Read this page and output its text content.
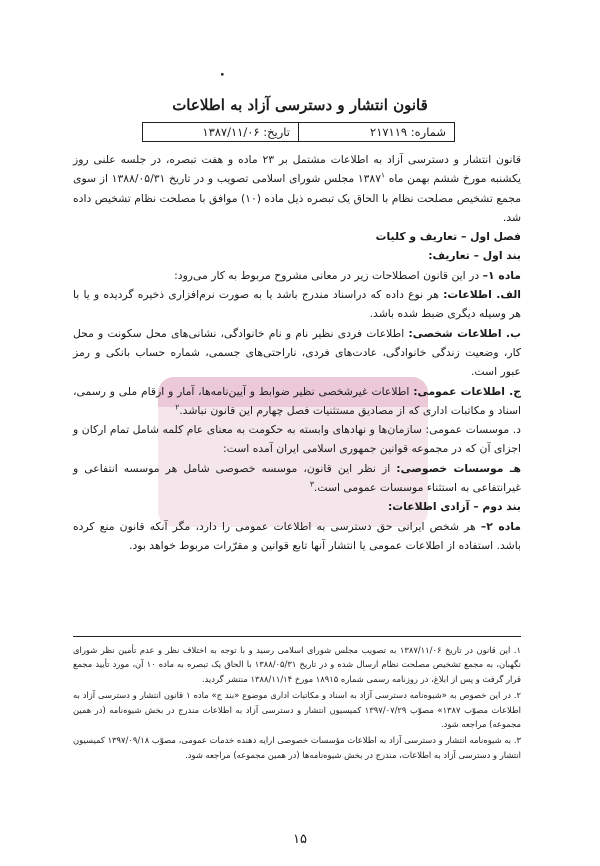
٠
قانون انتشار و دسترسی آزاد به اطلاعات
شماره: ۲۱۷۱۱۹
تاریخ: ۱۳۸۷/۱۱/۰۶

قانون انتشار و دسترسی آزاد به اطلاعات مشتمل بر ۲۳ ماده و هفت تبصره، در جلسه علنی روز یکشنبه مورخ ششم بهمن ماه ۱۳۸۷$^۱$ مجلس شورای اسلامی تصویب و در تاریخ ۱۳۸۸/۰۵/۳۱ از سوی مجمع تشخیص مصلحت نظام با الحاق یک تبصره ذیل ماده (۱۰) موافق با مصلحت نظام تشخیص داده شد.

فصل اول – تعاریف و کلیات

بند اول – تعاریف:

ماده ۱– در این قانون اصطلاحات زیر در معانی مشروح مربوط به کار می‌رود:

الف. اطلاعات: هر نوع داده که دراسناد مندرج باشد یا به صورت نرم‌افزاری ذخیره گردیده و یا با هر وسیله دیگری ضبط شده باشد.

ب. اطلاعات شخصی: اطلاعات فردی نظیر نام و نام خانوادگی، نشانی‌های محل سکونت و محل کار، وضعیت زندگی خانوادگی، عادت‌های فردی، ناراحتی‌های جسمی، شماره حساب بانکی و رمز عبور است.

ج. اطلاعات عمومی: اطلاعات غیرشخصی نظیر ضوابط و آیین‌نامه‌ها، آمار و ارقام ملی و رسمی، اسناد و مکاتبات اداری که از مصادیق مستثنیات فصل چهارم این قانون نباشد.$^۲$

د. موسسات عمومی: سازمان‌ها و نهادهای وابسته به حکومت به معنای عام کلمه شامل تمام ارکان و اجزای آن که در مجموعه قوانین جمهوری اسلامی ایران آمده است:

هـ موسسات خصوصی: از نظر این قانون، موسسه خصوصی شامل هر موسسه انتفاعی و غیرانتفاعی به استثناء موسسات عمومی است.$^۳$

بند دوم – آزادی اطلاعات:

ماده ۲– هر شخص ایرانی حق دسترسی به اطلاعات عمومی را دارد، مگر آنکه قانون منع کرده باشد. استفاده از اطلاعات عمومی یا انتشار آنها تابع قوانین و مقرّرات مربوط خواهد بود.

۱. این قانون در تاریخ ۱۳۸۷/۱۱/۰۶ به تصویب مجلس شورای اسلامی رسید و با توجه به اختلاف نظر و عدم تأمین نظر شورای نگهبان، به مجمع تشخیص مصلحت نظام ارسال شده و در تاریخ ۱۳۸۸/۰۵/۳۱ با الحاق یک تبصره به ماده ۱۰ آن، مورد تأیید مجمع قرار گرفت و پس از ابلاغ، در روزنامه رسمی شماره ۱۸۹۱۵ مورخ ۱۳۸۸/۱۱/۱۴ منتشر گردید.

۲. در این خصوص به «شیوه‌نامه دسترسی آزاد به اسناد و مکاتبات اداری موضوع «بند ج» ماده ۱ قانون انتشار و دسترسی آزاد به اطلاعات مصوّب ۱۳۸۷» مصوّب ۱۳۹۷/۰۷/۲۹ کمیسیون انتشار و دسترسی آزاد به اطلاعات مندرج در بخش شیوه‌نامه (در همین مجموعه) مراجعه شود.

۳. به شیوه‌نامه انتشار و دسترسی آزاد به اطلاعات مؤسسات خصوصی ارایه دهنده خدمات عمومی، مصوّب ۱۳۹۷/۰۹/۱۸ کمیسیون انتشار و دسترسی آزاد به اطلاعات، مندرج در بخش شیوه‌نامه‌ها (در همین مجموعه) مراجعه شود.

۱۵
